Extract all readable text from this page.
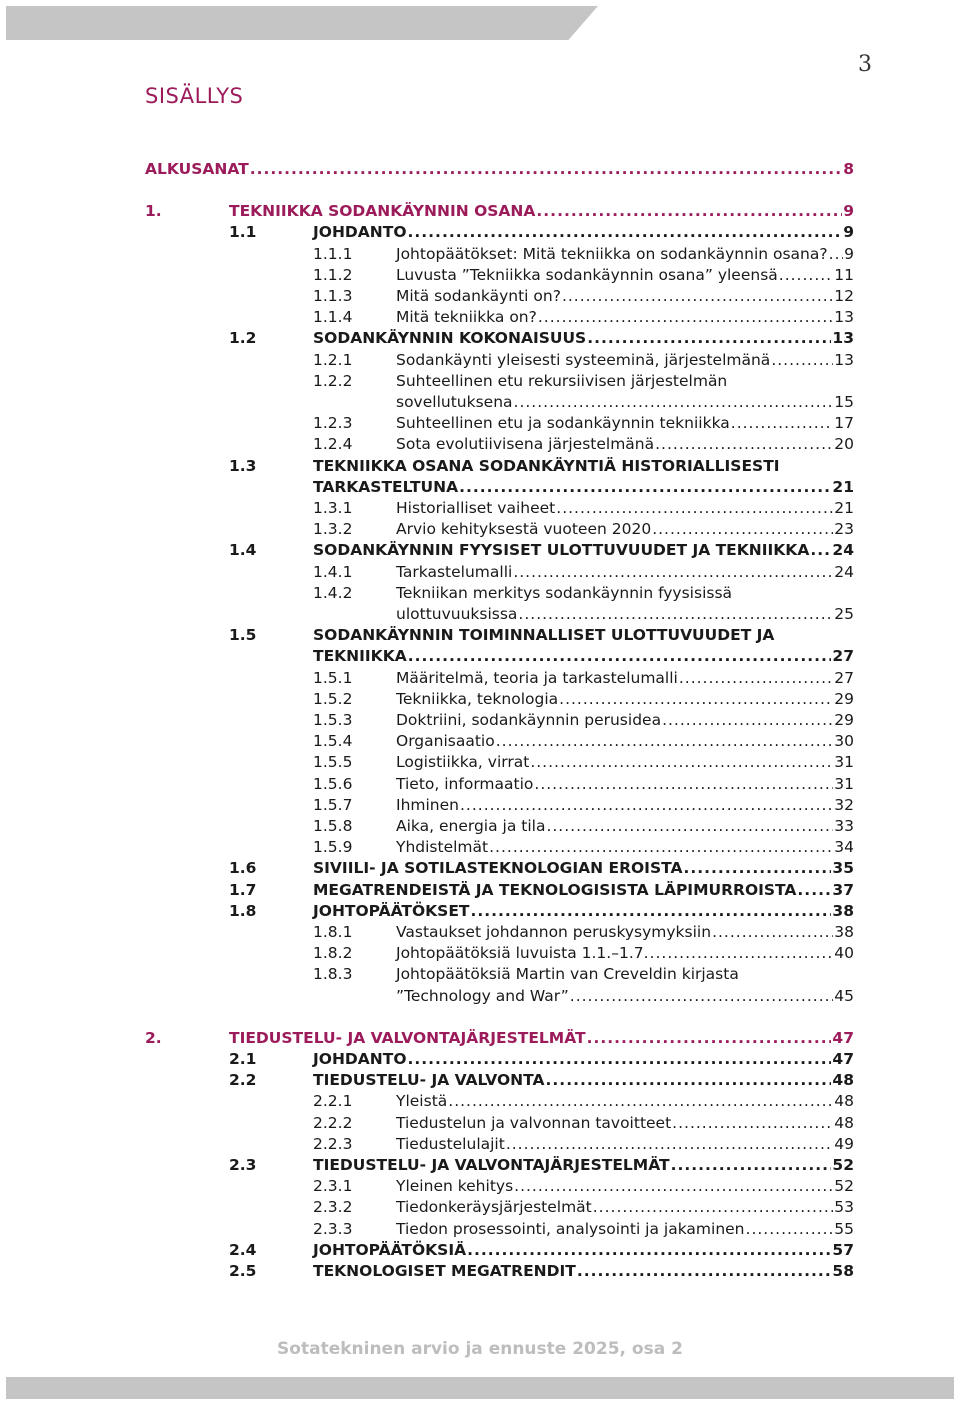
3
SISÄLLYS
ALKUSANAT .....	8
1.	TEKNIIKKA SODANKÄYNNIN OSANA .....	9
1.1	JOHDANTO .....	9
1.1.1	Johtopäätökset: Mitä tekniikka on sodankäynnin osana? ..... 9
1.1.2	Luvusta ”Tekniikka sodankäynnin osana” yleensä .....	11
1.1.3	Mitä sodankäynti on? .....	12
1.1.4	Mitä tekniikka on? .....	13
1.2	SODANKÄYNNIN KOKONAISUUS .....	13
1.2.1	Sodankäynti yleisesti systeeminä, järjestelmänä .....	13
1.2.2	Suhteellinen etu rekursiivisen järjestelmän
sovellutuksena .....	15
1.2.3	Suhteellinen etu ja sodankäynnin tekniikka .....	17
1.2.4	Sota evolutiivisena järjestelmänä .....	20
1.3	TEKNIIKKA OSANA SODANKÄYNTIÄ HISTORIALLISESTI
TARKASTELTUNA .....	21
1.3.1	Historialliset vaiheet .....	21
1.3.2	Arvio kehityksestä vuoteen 2020 .....	23
1.4	SODANKÄYNNIN FYYSISET ULOTTUVUUDET JA TEKNIIKKA ..... 24
1.4.1	Tarkastelumalli .....	24
1.4.2	Tekniikan merkitys sodankäynnin fyysisissä
ulottuvuuksissa .....	25
1.5	SODANKÄYNNIN TOIMINNALLISET ULOTTUVUUDET JA
TEKNIIKKA .....	27
1.5.1	Määritelmä, teoria ja tarkastelumalli .....	27
1.5.2	Tekniikka, teknologia .....	29
1.5.3	Doktriini, sodankäynnin perusidea .....	29
1.5.4	Organisaatio .....	30
1.5.5	Logistiikka, virrat .....	31
1.5.6	Tieto, informaatio .....	31
1.5.7	Ihminen .....	32
1.5.8	Aika, energia ja tila .....	33
1.5.9	Yhdistelmät .....	34
1.6	SIVIILI- JA SOTILASTEKNOLOGIAN EROISTA .....	35
1.7	MEGATRENDEISTÄ JA TEKNOLOGISISTA LÄPIMURROISTA ..... 37
1.8	JOHTOPÄÄTÖKSET .....	38
1.8.1	Vastaukset johdannon peruskysymyksiin .....	38
1.8.2	Johtopäätöksiä luvuista 1.1.–1.7. .....	40
1.8.3	Johtopäätöksiä Martin van Creveldin kirjasta
”Technology and War” .....	45
2.	TIEDUSTELU- JA VALVONTAJÄRJESTELMÄT .....	47
2.1	JOHDANTO .....	47
2.2	TIEDUSTELU- JA VALVONTA .....	48
2.2.1	Yleistä .....	48
2.2.2	Tiedustelun ja valvonnan tavoitteet .....	48
2.2.3	Tiedustelulajit .....	49
2.3	TIEDUSTELU- JA VALVONTAJÄRJESTELMÄT .....	52
2.3.1	Yleinen kehitys .....	52
2.3.2	Tiedonkeräysjärjestelmät .....	53
2.3.3	Tiedon prosessointi, analysointi ja jakaminen .....	55
2.4	JOHTOPÄÄTÖKSIÄ .....	57
2.5	TEKNOLOGISET MEGATRENDIT .....	58
Sotatekninen arvio ja ennuste 2025, osa 2
